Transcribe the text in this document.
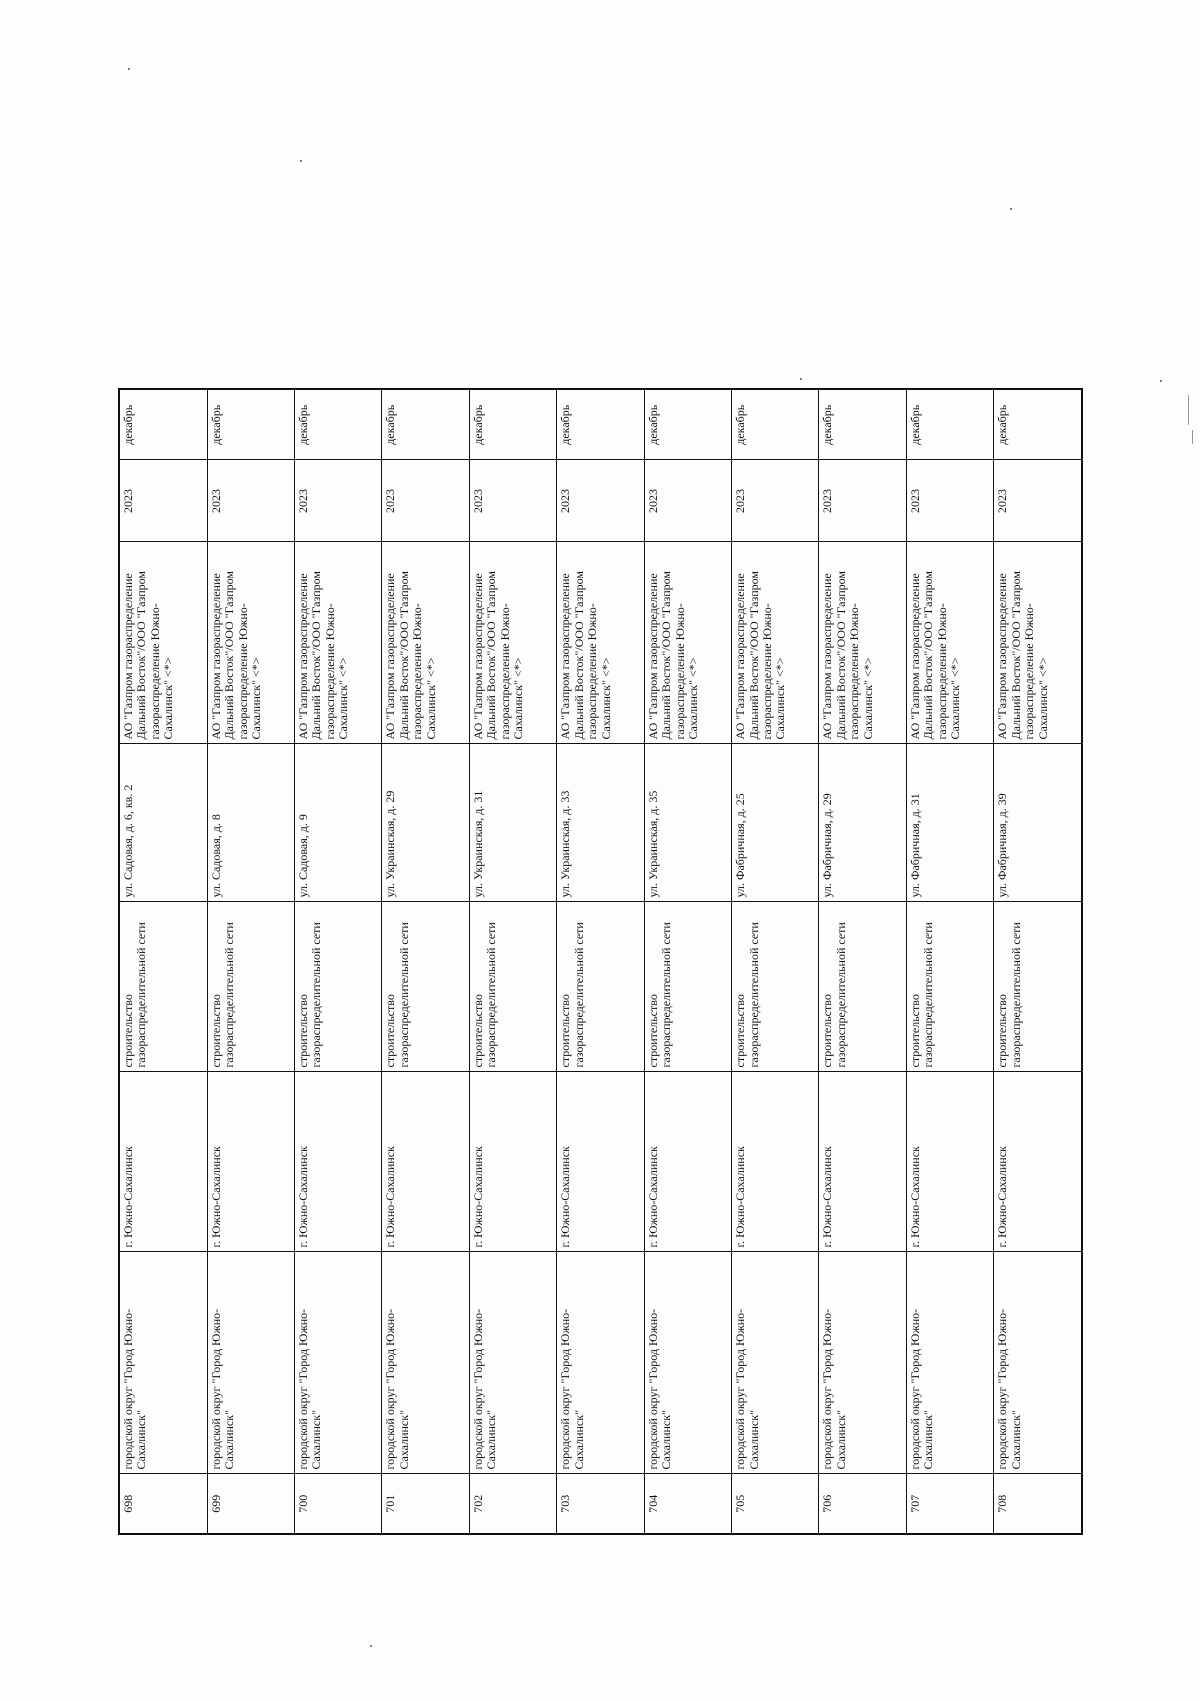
698	городской округ "Город Южно-Сахалинск"	г. Южно-Сахалинск	строительство газораспределительной сети	ул. Садовая, д. 6, кв. 2	АО "Газпром газораспределение Дальний Восток"/ООО "Газпром газораспределение Южно-Сахалинск" <*>	2023	декабрь
699	городской округ "Город Южно-Сахалинск"	г. Южно-Сахалинск	строительство газораспределительной сети	ул. Садовая, д. 8	АО "Газпром газораспределение Дальний Восток"/ООО "Газпром газораспределение Южно-Сахалинск" <*>	2023	декабрь
700	городской округ "Город Южно-Сахалинск"	г. Южно-Сахалинск	строительство газораспределительной сети	ул. Садовая, д. 9	АО "Газпром газораспределение Дальний Восток"/ООО "Газпром газораспределение Южно-Сахалинск" <*>	2023	декабрь
701	городской округ "Город Южно-Сахалинск"	г. Южно-Сахалинск	строительство газораспределительной сети	ул. Украинская, д. 29	АО "Газпром газораспределение Дальний Восток"/ООО "Газпром газораспределение Южно-Сахалинск" <*>	2023	декабрь
702	городской округ "Город Южно-Сахалинск"	г. Южно-Сахалинск	строительство газораспределительной сети	ул. Украинская, д. 31	АО "Газпром газораспределение Дальний Восток"/ООО "Газпром газораспределение Южно-Сахалинск" <*>	2023	декабрь
703	городской округ "Город Южно-Сахалинск"	г. Южно-Сахалинск	строительство газораспределительной сети	ул. Украинская, д. 33	АО "Газпром газораспределение Дальний Восток"/ООО "Газпром газораспределение Южно-Сахалинск" <*>	2023	декабрь
704	городской округ "Город Южно-Сахалинск"	г. Южно-Сахалинск	строительство газораспределительной сети	ул. Украинская, д. 35	АО "Газпром газораспределение Дальний Восток"/ООО "Газпром газораспределение Южно-Сахалинск" <*>	2023	декабрь
705	городской округ "Город Южно-Сахалинск"	г. Южно-Сахалинск	строительство газораспределительной сети	ул. Фабричная, д. 25	АО "Газпром газораспределение Дальний Восток"/ООО "Газпром газораспределение Южно-Сахалинск" <*>	2023	декабрь
706	городской округ "Город Южно-Сахалинск"	г. Южно-Сахалинск	строительство газораспределительной сети	ул. Фабричная, д. 29	АО "Газпром газораспределение Дальний Восток"/ООО "Газпром газораспределение Южно-Сахалинск" <*>	2023	декабрь
707	городской округ "Город Южно-Сахалинск"	г. Южно-Сахалинск	строительство газораспределительной сети	ул. Фабричная, д. 31	АО "Газпром газораспределение Дальний Восток"/ООО "Газпром газораспределение Южно-Сахалинск" <*>	2023	декабрь
708	городской округ "Город Южно-Сахалинск"	г. Южно-Сахалинск	строительство газораспределительной сети	ул. Фабричная, д. 39	АО "Газпром газораспределение Дальний Восток"/ООО "Газпром газораспределение Южно-Сахалинск" <*>	2023	декабрь
